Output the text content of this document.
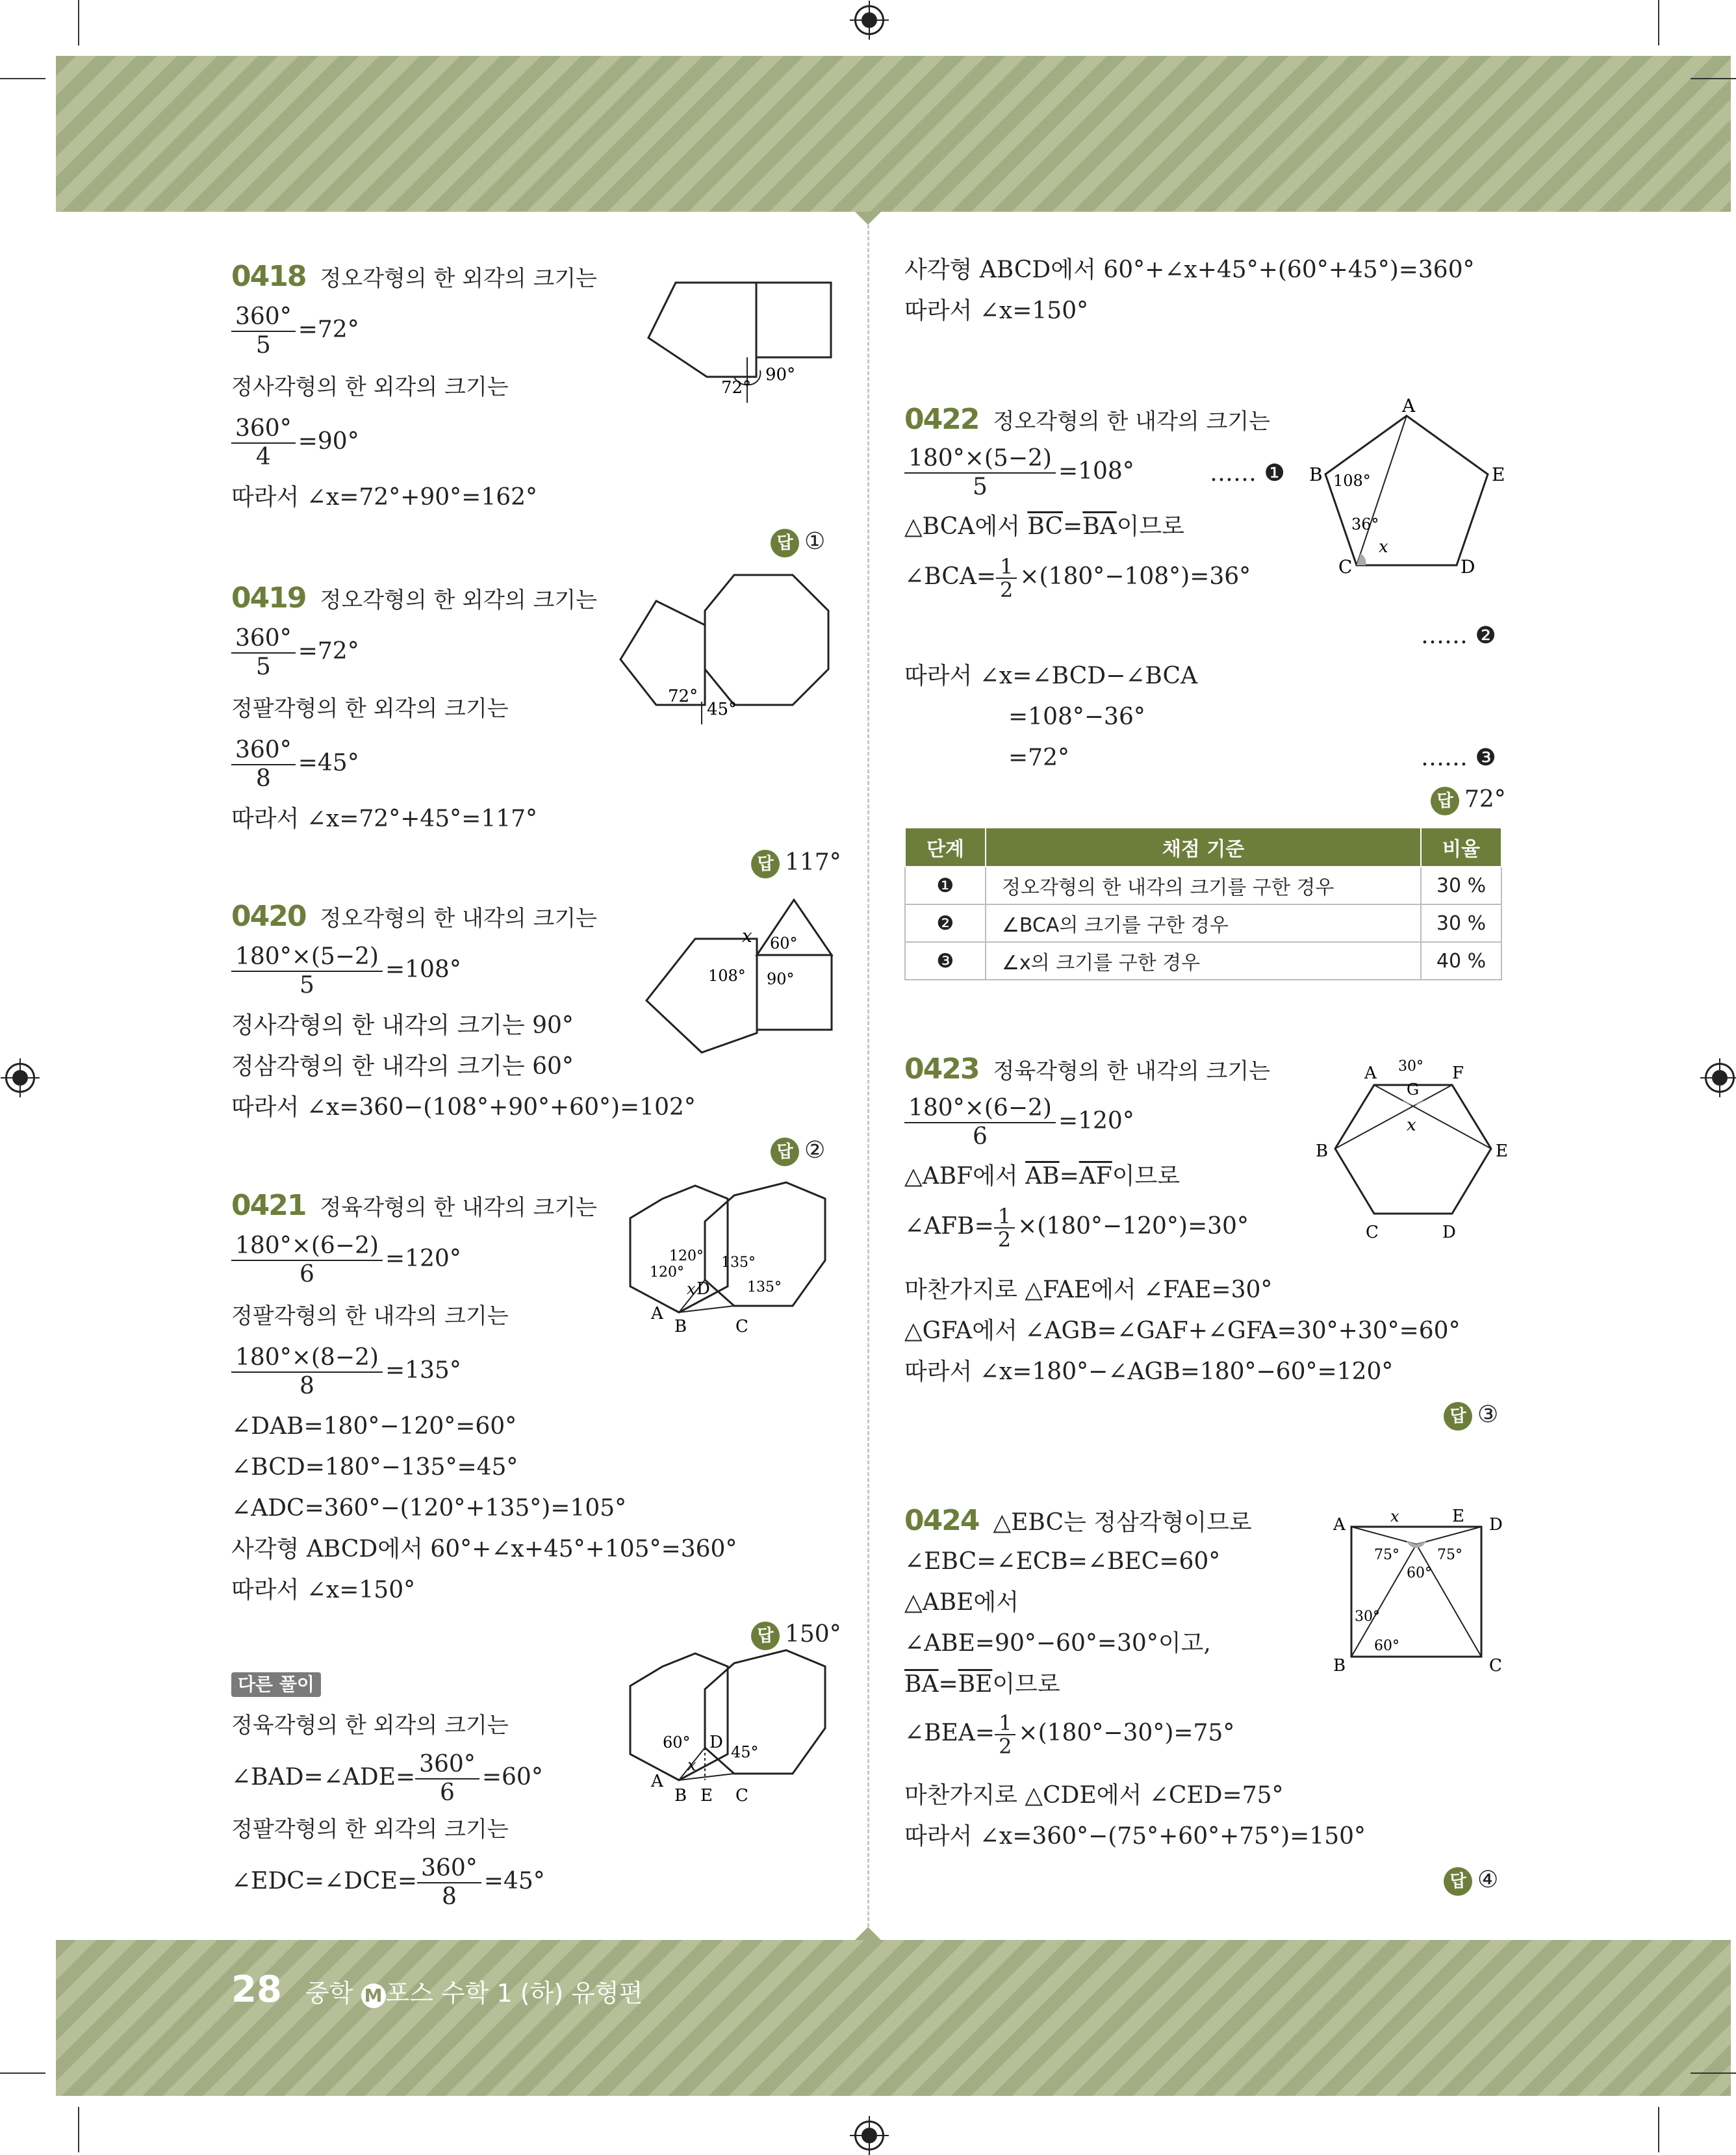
0418 정오각형의 한 외각의 크기는
$\frac{360^\circ}{5} =72^\circ$
정사각형의 한 외각의 크기는
$\frac{360^\circ}{4} =90^\circ$
따라서 ∠x=72°+90°=162°
답 ①
0419 정오각형의 한 외각의 크기는
$\frac{360^\circ}{5} =72^\circ$
정팔각형의 한 외각의 크기는
$\frac{360^\circ}{8} =45^\circ$
따라서 ∠x=72°+45°=117°
답 117°
0420 정오각형의 한 내각의 크기는
$\frac{180^\circ\times(5-2)}{5} =108^\circ$
정사각형의 한 내각의 크기는 90°
정삼각형의 한 내각의 크기는 60°
따라서 ∠x=360−(108°+90°+60°)=102°
답 ②
0421 정육각형의 한 내각의 크기는
$\frac{180^\circ\times(6-2)}{6} =120^\circ$
정팔각형의 한 내각의 크기는
$\frac{180^\circ\times(8-2)}{8} =135^\circ$
∠DAB=180°−120°=60°
∠BCD=180°−135°=45°
∠ADC=360°−(120°+135°)=105°
사각형 ABCD에서 60°+∠x+45°+105°=360°
따라서 ∠x=150°
답 150°
다른 풀이
정육각형의 한 외각의 크기는
∠BAD=∠ADE= $\frac{360^\circ}{6} =60^\circ$
정팔각형의 한 외각의 크기는
∠EDC=∠DCE= $\frac{360^\circ}{8} =45^\circ$
72°
90°
72°
45°
x 60°
108° 90°
120°
120°
135°
135°
x D
A
B	C
60°
45°
x
D
A
B E C
사각형 ABCD에서 60°+∠x+45°+(60°+45°)=360°
따라서 ∠x=150°
0422 정오각형의 한 내각의 크기는
$\frac{180^\circ\times(5-2)}{5} =108^\circ$	…… ❶
△BCA에서 $\overline{BC}=\overline{BA}$이므로
∠BCA= $\frac{1}{2} \times(180^\circ-108^\circ)=36^\circ$
…… ❷
따라서 ∠x=∠BCD−∠BCA
=108°−36°
=72°	…… ❸
답 72°
0423 정육각형의 한 내각의 크기는
$\frac{180^\circ\times(6-2)}{6} =120^\circ$
△ABF에서 $\overline{AB}=\overline{AF}$이므로
∠AFB= $\frac{1}{2} \times(180^\circ-120^\circ)=30^\circ$
마찬가지로 △FAE에서 ∠FAE=30°
△GFA에서 ∠AGB=∠GAF+∠GFA=30°+30°=60°
따라서 ∠x=180°−∠AGB=180°−60°=120°
답 ③
0424 △EBC는 정삼각형이므로
∠EBC=∠ECB=∠BEC=60°
△ABE에서
∠ABE=90°−60°=30°이고,
$\overline{BA}=\overline{BE}$이므로
∠BEA= $\frac{1}{2} \times(180^\circ-30^\circ)=75^\circ$
마찬가지로 △CDE에서 ∠CED=75°
따라서 ∠x=360°−(75°+60°+75°)=150°
답 ④
단계	채점 기준	비율
❶	정오각형의 한 내각의 크기를 구한 경우	30 %
❷	∠BCA의 크기를 구한 경우	30 %
❸	∠x의 크기를 구한 경우	40 %
A
B
C	D
E
108°
36°
x
A	F
B	E
C	D
G
30°
x
A	E D
B	C
x
75°	75°
60°
30°
60°
28 중학 M 포스 수학 1 (하) 유형편
